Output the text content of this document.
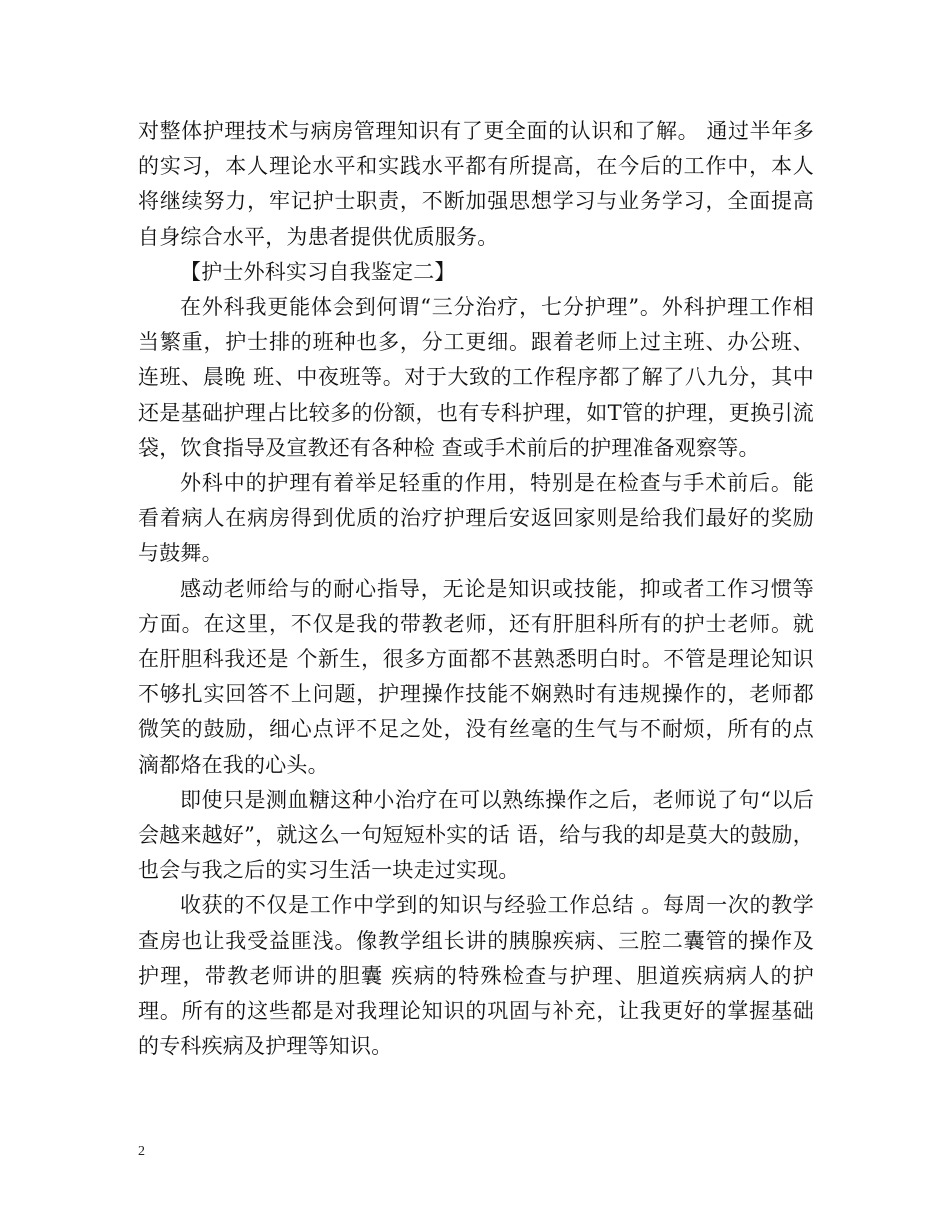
对整体护理技术与病房管理知识有了更全面的认识和了解。 通过半年多的实习，本人理论水平和实践水平都有所提高，在今后的工作中，本人将继续努力，牢记护士职责，不断加强思想学习与业务学习，全面提高自身综合水平，为患者提供优质服务。

【护士外科实习自我鉴定二】

在外科我更能体会到何谓“三分治疗，七分护理”。外科护理工作相当繁重，护士排的班种也多，分工更细。跟着老师上过主班、办公班、连班、晨晚 班、中夜班等。对于大致的工作程序都了解了八九分，其中还是基础护理占比较多的份额，也有专科护理，如T管的护理，更换引流袋，饮食指导及宣教还有各种检 查或手术前后的护理准备观察等。

外科中的护理有着举足轻重的作用，特别是在检查与手术前后。能看着病人在病房得到优质的治疗护理后安返回家则是给我们最好的奖励与鼓舞。

感动老师给与的耐心指导，无论是知识或技能，抑或者工作习惯等方面。在这里，不仅是我的带教老师，还有肝胆科所有的护士老师。就在肝胆科我还是 个新生，很多方面都不甚熟悉明白时。不管是理论知识不够扎实回答不上问题，护理操作技能不娴熟时有违规操作的，老师都微笑的鼓励，细心点评不足之处，没有丝毫的生气与不耐烦，所有的点滴都烙在我的心头。

即使只是测血糖这种小治疗在可以熟练操作之后，老师说了句“以后会越来越好”，就这么一句短短朴实的话 语，给与我的却是莫大的鼓励，也会与我之后的实习生活一块走过实现。

收获的不仅是工作中学到的知识与经验工作总结 。每周一次的教学查房也让我受益匪浅。像教学组长讲的胰腺疾病、三腔二囊管的操作及护理，带教老师讲的胆囊 疾病的特殊检查与护理、胆道疾病病人的护理。所有的这些都是对我理论知识的巩固与补充，让我更好的掌握基础的专科疾病及护理等知识。

2
